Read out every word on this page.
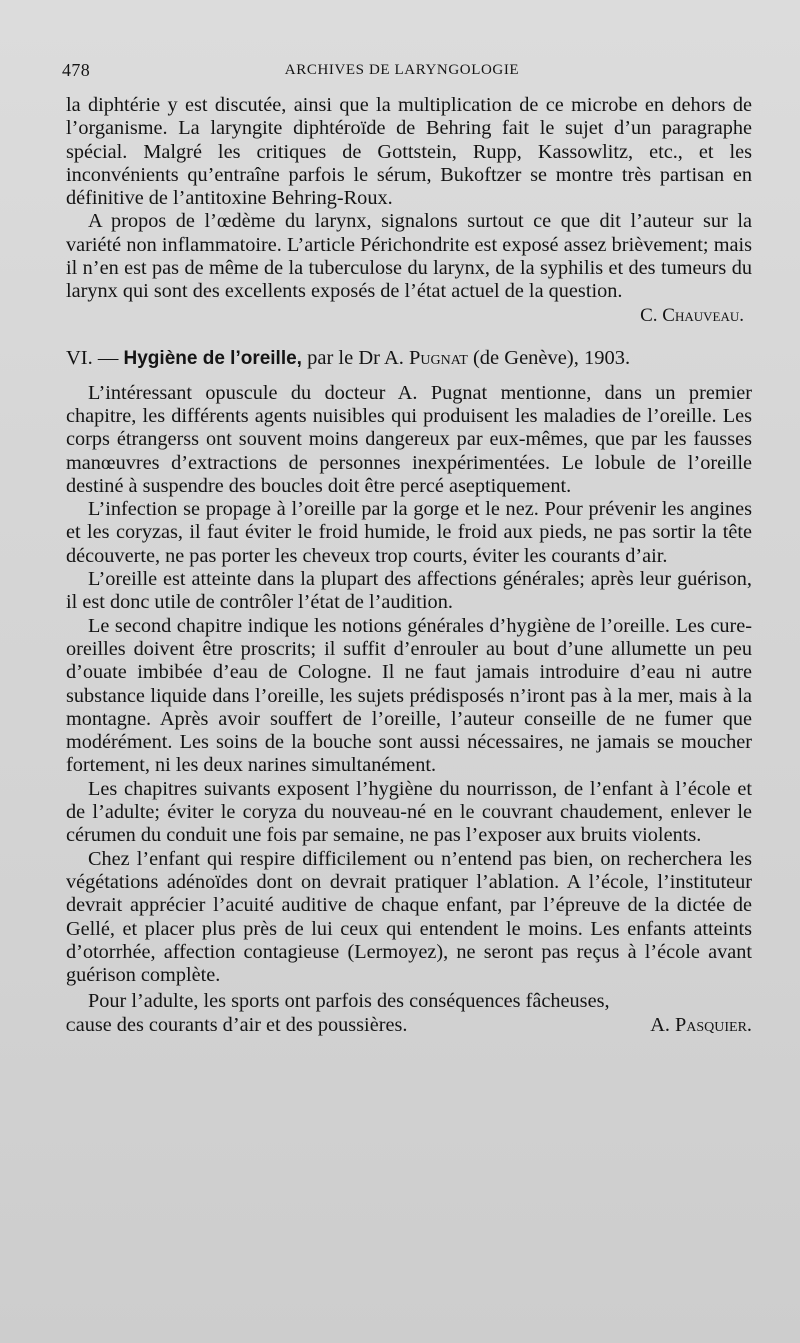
478	ARCHIVES DE LARYNGOLOGIE

la diphtérie y est discutée, ainsi que la multiplication de ce microbe en dehors de l’organisme. La laryngite diphtéroïde de Behring fait le sujet d’un paragraphe spécial. Malgré les critiques de Gottstein, Rupp, Kassowlitz, etc., et les inconvénients qu’entraîne parfois le sérum, Bukoftzer se montre très partisan en définitive de l’antitoxine Behring-Roux.

A propos de l’œdème du larynx, signalons surtout ce que dit l’auteur sur la variété non inflammatoire. L’article Périchondrite est exposé assez brièvement; mais il n’en est pas de même de la tuberculose du larynx, de la syphilis et des tumeurs du larynx qui sont des excellents exposés de l’état actuel de la question.

C. Chauveau.

VI. — Hygiène de l’oreille, par le Dr A. Pugnat (de Genève), 1903.

L’intéressant opuscule du docteur A. Pugnat mentionne, dans un premier chapitre, les différents agents nuisibles qui produisent les maladies de l’oreille. Les corps étrangerss ont souvent moins dangereux par eux-mêmes, que par les fausses manœuvres d’extractions de personnes inexpérimentées. Le lobule de l’oreille destiné à suspendre des boucles doit être percé aseptiquement.

L’infection se propage à l’oreille par la gorge et le nez. Pour prévenir les angines et les coryzas, il faut éviter le froid humide, le froid aux pieds, ne pas sortir la tête découverte, ne pas porter les cheveux trop courts, éviter les courants d’air.

L’oreille est atteinte dans la plupart des affections générales; après leur guérison, il est donc utile de contrôler l’état de l’audition.

Le second chapitre indique les notions générales d’hygiène de l’oreille. Les cure-oreilles doivent être proscrits; il suffit d’enrouler au bout d’une allumette un peu d’ouate imbibée d’eau de Cologne. Il ne faut jamais introduire d’eau ni autre substance liquide dans l’oreille, les sujets prédisposés n’iront pas à la mer, mais à la montagne. Après avoir souffert de l’oreille, l’auteur conseille de ne fumer que modérément. Les soins de la bouche sont aussi nécessaires, ne jamais se moucher fortement, ni les deux narines simultanément.

Les chapitres suivants exposent l’hygiène du nourrisson, de l’enfant à l’école et de l’adulte; éviter le coryza du nouveau-né en le couvrant chaudement, enlever le cérumen du conduit une fois par semaine, ne pas l’exposer aux bruits violents.

Chez l’enfant qui respire difficilement ou n’entend pas bien, on recherchera les végétations adénoïdes dont on devrait pratiquer l’ablation. A l’école, l’instituteur devrait apprécier l’acuité auditive de chaque enfant, par l’épreuve de la dictée de Gellé, et placer plus près de lui ceux qui entendent le moins. Les enfants atteints d’otorrhée, affection contagieuse (Lermoyez), ne seront pas reçus à l’école avant guérison complète.

Pour l’adulte, les sports ont parfois des conséquences fâcheuses,

ᴄause des courants d’air et des poussières.	A. Pasquier.
